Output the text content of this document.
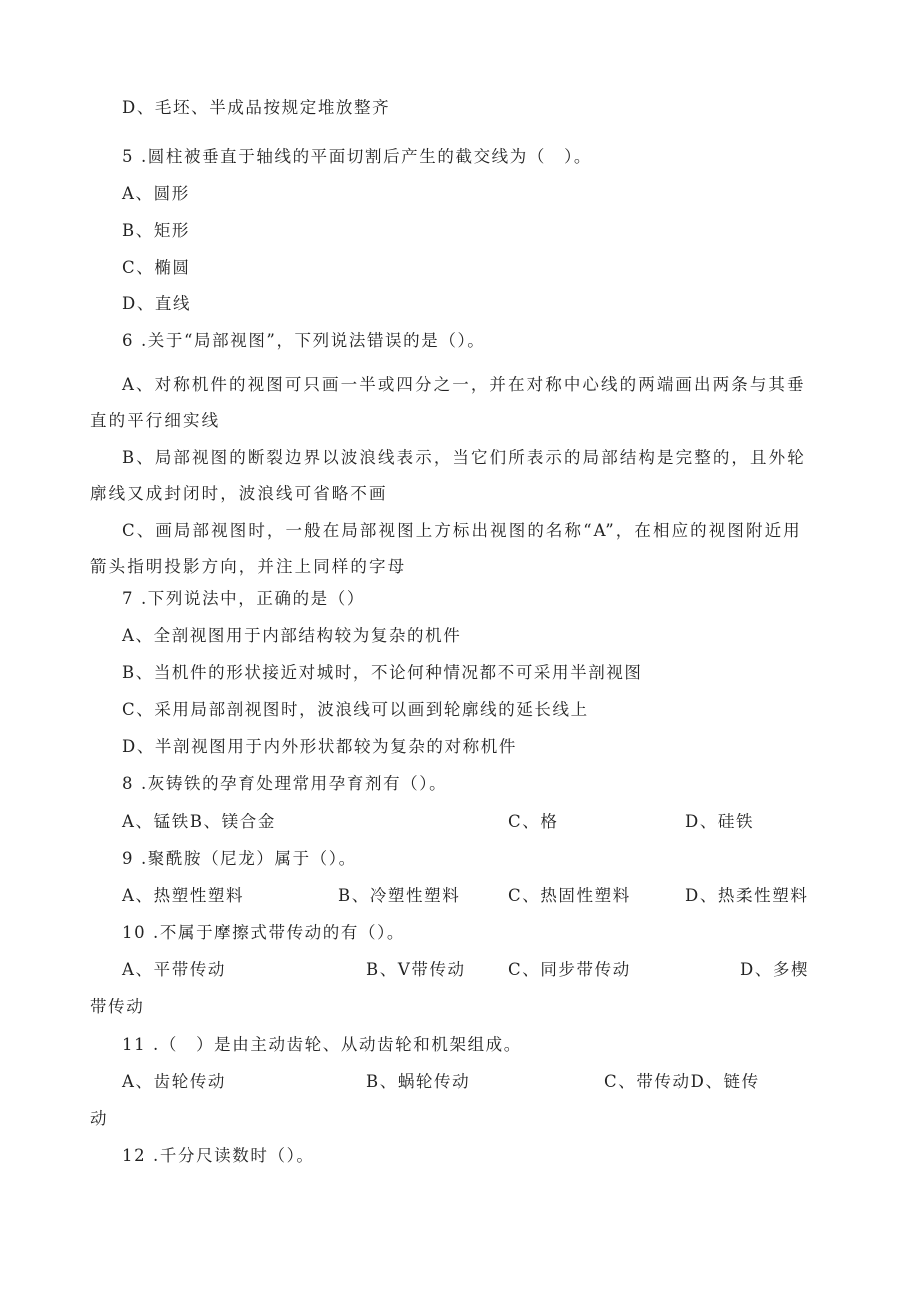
D、毛坯、半成品按规定堆放整齐
5 .圆柱被垂直于轴线的平面切割后产生的截交线为（　）。
A、圆形
B、矩形
C、椭圆
D、直线
6 .关于“局部视图”，下列说法错误的是（）。
A、对称机件的视图可只画一半或四分之一，并在对称中心线的两端画出两条与其垂直的平行细实线
B、局部视图的断裂边界以波浪线表示，当它们所表示的局部结构是完整的，且外轮廓线又成封闭时，波浪线可省略不画
C、画局部视图时，一般在局部视图上方标出视图的名称“A”，在相应的视图附近用箭头指明投影方向，并注上同样的字母
7 .下列说法中，正确的是（）
A、全剖视图用于内部结构较为复杂的机件
B、当机件的形状接近对城时，不论何种情况都不可采用半剖视图
C、采用局部剖视图时，波浪线可以画到轮廓线的延长线上
D、半剖视图用于内外形状都较为复杂的对称机件
8 .灰铸铁的孕育处理常用孕育剂有（）。
A、锰铁B、镁合金	C、格	D、硅铁
9 .聚酰胺（尼龙）属于（）。
A、热塑性塑料	B、冷塑性塑料	C、热固性塑料	D、热柔性塑料
10 .不属于摩擦式带传动的有（）。
A、平带传动	B、V带传动	C、同步带传动	D、多楔
带传动
11 .（　）是由主动齿轮、从动齿轮和机架组成。
A、齿轮传动	B、蜗轮传动	C、带传动D、链传
动
12 .千分尺读数时（）。
